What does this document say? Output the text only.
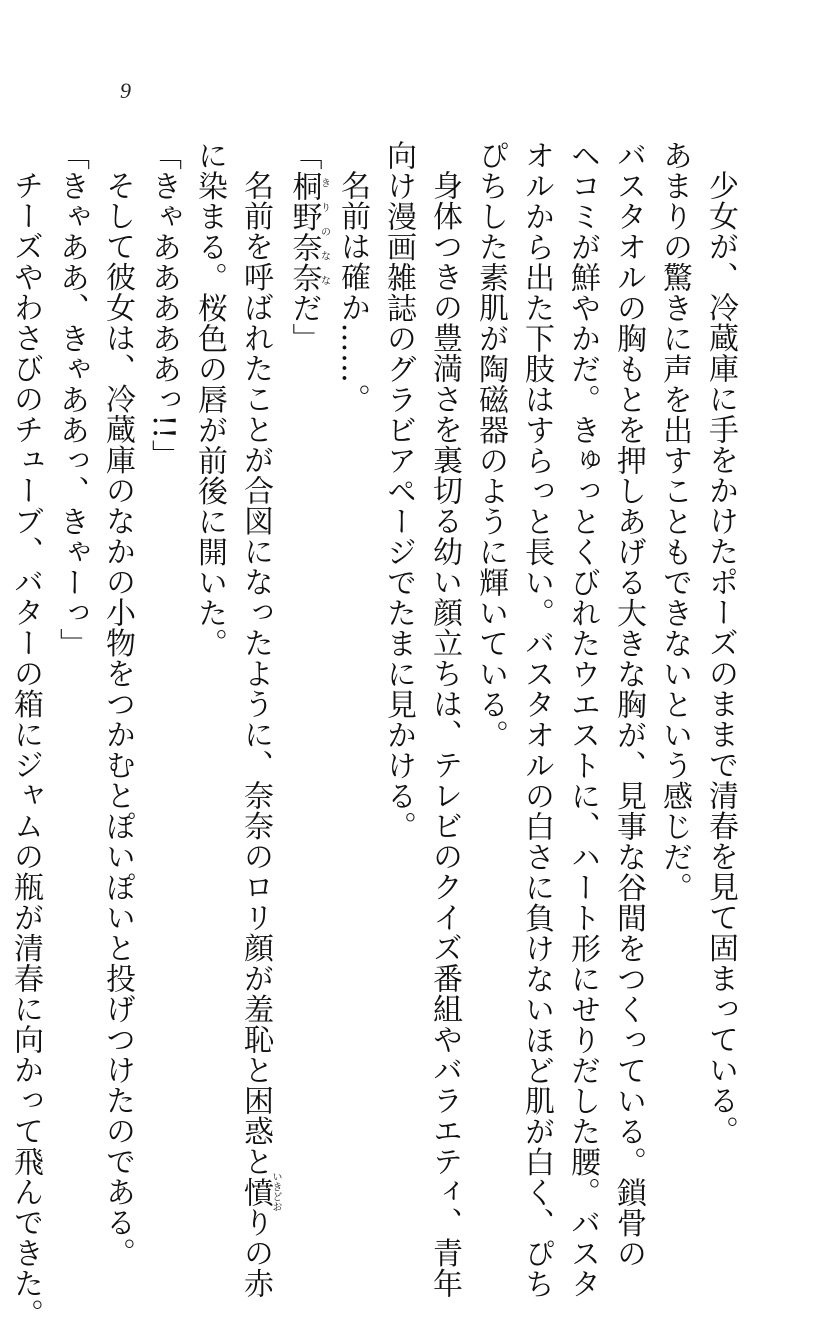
9
少女が、冷蔵庫に手をかけたポーズのままで清春を見て固まっている。
あまりの驚きに声を出すこともできないという感じだ。
バスタオルの胸もとを押しあげる大きな胸が、見事な谷間をつくっている。鎖骨の
ヘコミが鮮やかだ。きゅっとくびれたウエストに、ハート形にせりだした腰。バスタ
オルから出た下肢はすらっと長い。バスタオルの白さに負けないほど肌が白く、ぴち
ぴちした素肌が陶磁器のように輝いている。
身体つきの豊満さを裏切る幼い顔立ちは、テレビのクイズ番組やバラエティ、青年
向け漫画雑誌のグラビアページでたまに見かける。
名前は確か……。
「桐野奈奈きりのななだ」
名前を呼ばれたことが合図になったように、奈奈のロリ顔が羞恥と困惑と憤いきどおりの赤
に染まる。桜色の唇が前後に開いた。
「きゃあああああっ!!」
そして彼女は、冷蔵庫のなかの小物をつかむとぽいぽいと投げつけたのである。
「きゃああ、きゃああっ、きゃーっ」
チーズやわさびのチューブ、バターの箱にジャムの瓶が清春に向かって飛んできた。
